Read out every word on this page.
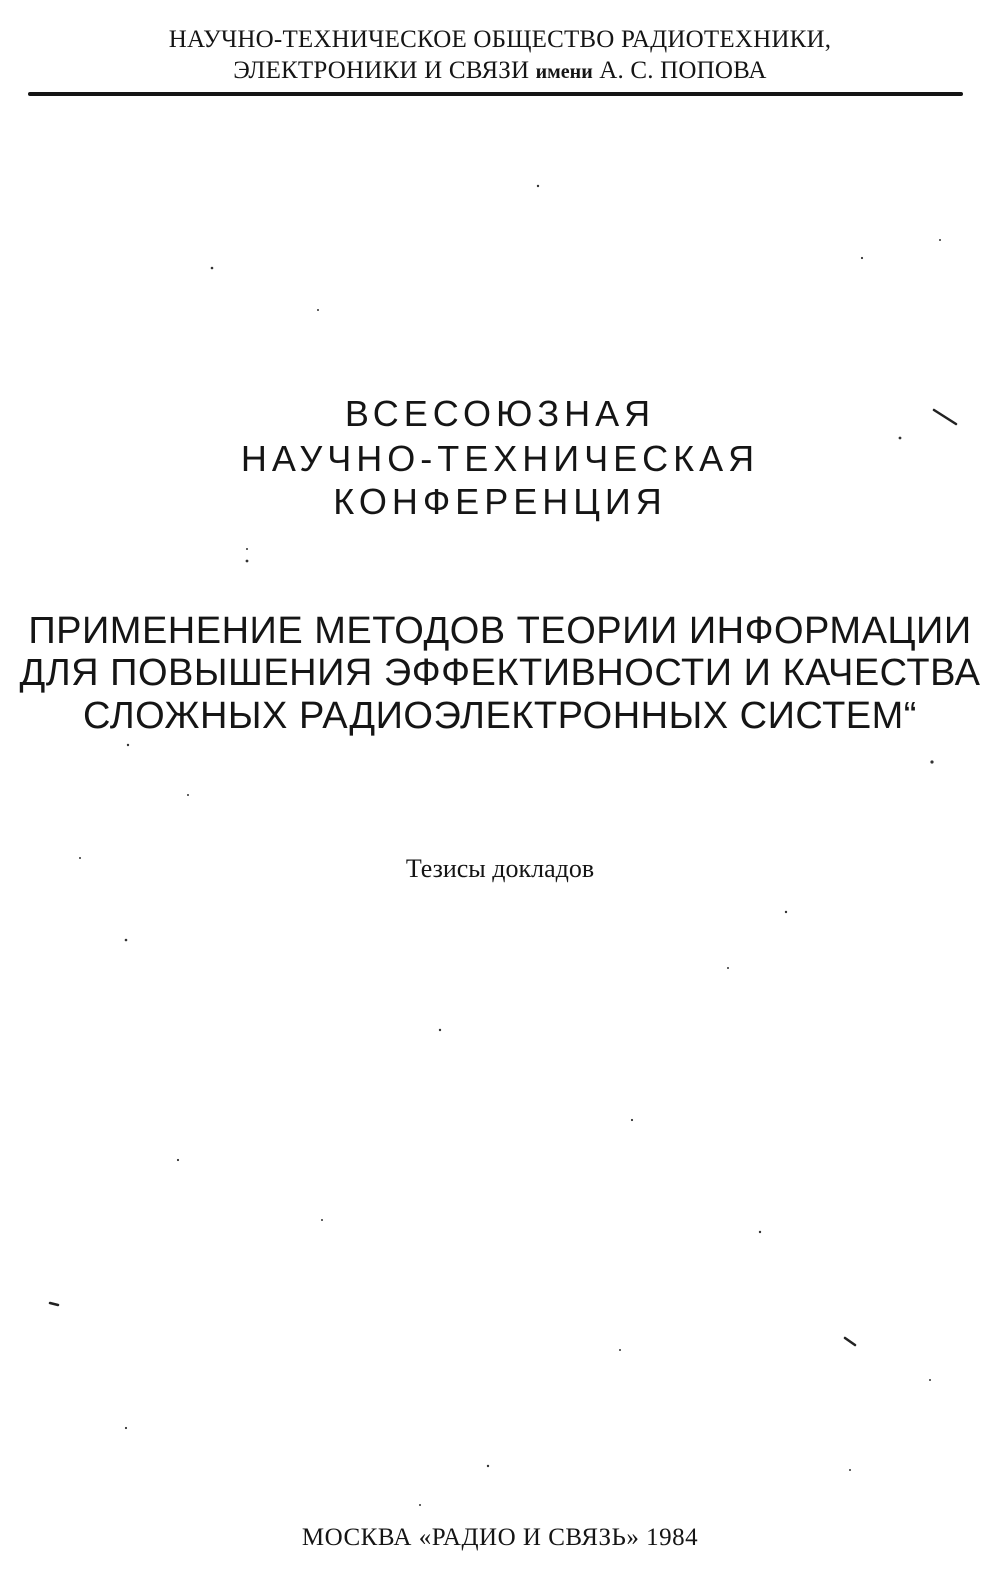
НАУЧНО-ТЕХНИЧЕСКОЕ ОБЩЕСТВО РАДИОТЕХНИКИ,
ЭЛЕКТРОНИКИ И СВЯЗИ имени А. С. ПОПОВА
ВСЕСОЮЗНАЯ
НАУЧНО-ТЕХНИЧЕСКАЯ
КОНФЕРЕНЦИЯ
ПРИМЕНЕНИЕ МЕТОДОВ ТЕОРИИ ИНФОРМАЦИИ
ДЛЯ ПОВЫШЕНИЯ ЭФФЕКТИВНОСТИ И КАЧЕСТВА
СЛОЖНЫХ РАДИОЭЛЕКТРОННЫХ СИСТЕМ“
Тезисы докладов
МОСКВА «РАДИО И СВЯЗЬ» 1984
